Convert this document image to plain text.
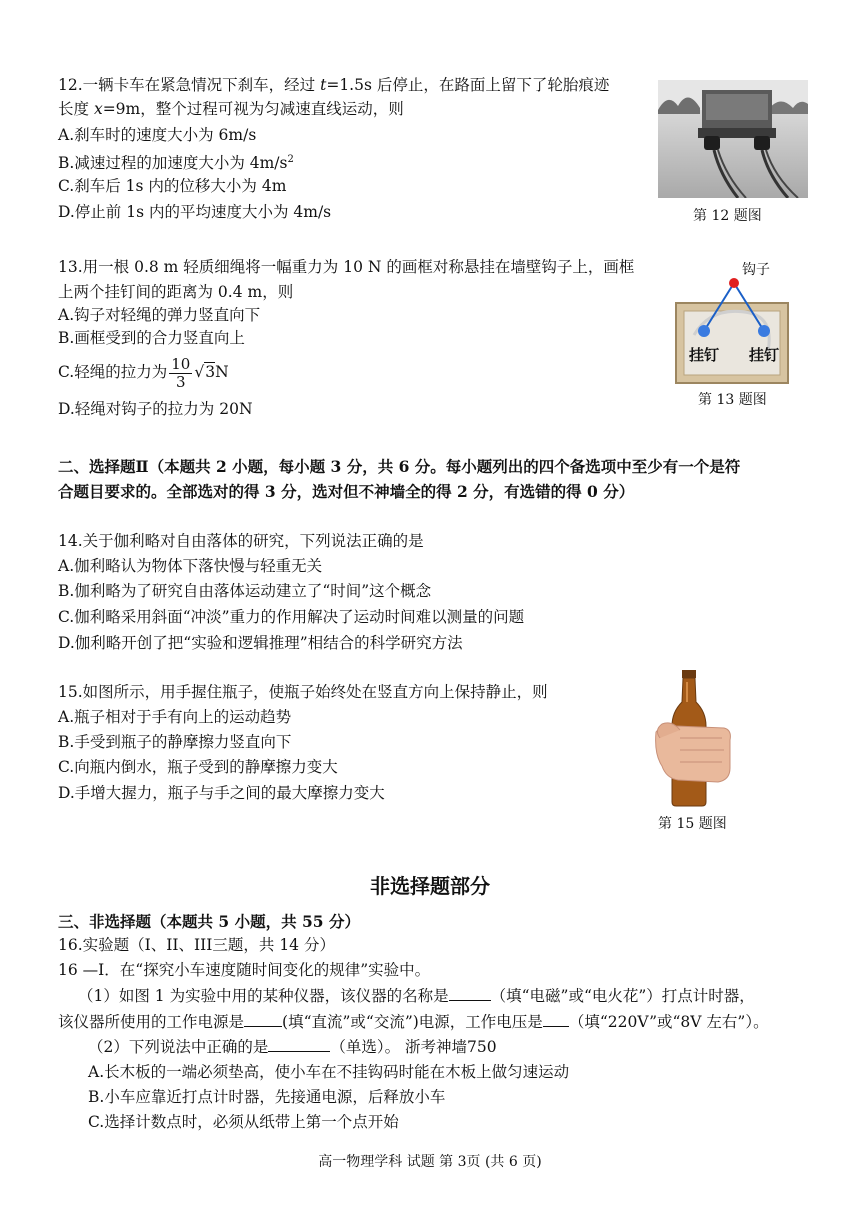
12.一辆卡车在紧急情况下刹车，经过 t=1.5s 后停止，在路面上留下了轮胎痕迹
长度 x=9m，整个过程可视为匀减速直线运动，则
A.刹车时的速度大小为 6m/s
B.减速过程的加速度大小为 $4m/s^2$
C.刹车后 1s 内的位移大小为 4m
D.停止前 1s 内的平均速度大小为 4m/s	第 12 题图
13.用一根 0.8 m 轻质细绳将一幅重力为 10 N 的画框对称悬挂在墙壁钩子上，画框
上两个挂钉间的距离为 0.4 m，则
A.钩子对轻绳的弹力竖直向下
B.画框受到的合力竖直向上
C.轻绳的拉力为 $\frac{10}{3} √3N$
D.轻绳对钩子的拉力为 20N
钩子
挂钉 挂钉
第 13 题图
二、选择题Ⅱ（本题共 2 小题，每小题 3 分，共 6 分。每小题列出的四个备选项中至少有一个是符
合题目要求的。全部选对的得 3 分，选对但不神墙全的得 2 分，有选错的得 0 分）
14.关于伽利略对自由落体的研究，下列说法正确的是
A.伽利略认为物体下落快慢与轻重无关
B.伽利略为了研究自由落体运动建立了“时间”这个概念
C.伽利略采用斜面“冲淡”重力的作用解决了运动时间难以测量的问题
D.伽利略开创了把“实验和逻辑推理”相结合的科学研究方法
15.如图所示，用手握住瓶子，使瓶子始终处在竖直方向上保持静止，则
A.瓶子相对于手有向上的运动趋势
B.手受到瓶子的静摩擦力竖直向下
C.向瓶内倒水，瓶子受到的静摩擦力变大
D.手增大握力，瓶子与手之间的最大摩擦力变大
第 15 题图
非选择题部分
三、非选择题（本题共 5 小题，共 55 分）
16.实验题（I、II、III三题，共 14 分）
16 —I．在“探究小车速度随时间变化的规律”实验中。
（1）如图 1 为实验中用的某种仪器，该仪器的名称是	（填“电磁”或“电火花”）打点计时器，
该仪器所使用的工作电源是 (填“直流”或“交流”)电源，工作电压是 （填“220V”或“8V 左右”）。
（2）下列说法中正确的是	（单选）。 浙考神墙750
A.长木板的一端必须垫高，使小车在不挂钩码时能在木板上做匀速运动
B.小车应靠近打点计时器，先接通电源，后释放小车
C.选择计数点时，必须从纸带上第一个点开始
高一物理学科 试题 第 3页 (共 6 页)
